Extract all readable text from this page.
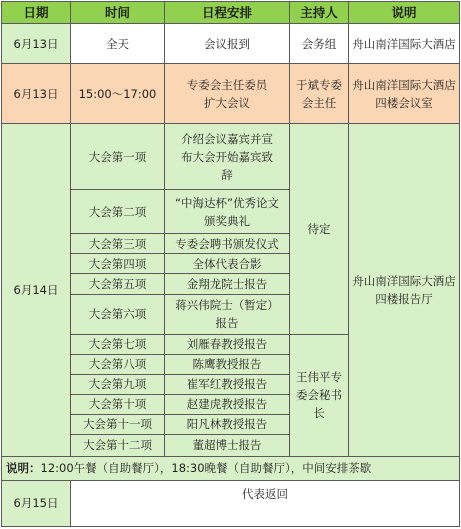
日期	时间	日程安排	主持人	说明
6月13日	全天	会议报到	会务组	舟山南洋国际大酒店
6月13日	15:00～17:00	专委会主任委员扩大会议	于斌专委会主任	舟山南洋国际大酒店四楼会议室
6月14日	大会第一项	介绍会议嘉宾并宣布大会开始嘉宾致辞	待定	舟山南洋国际大酒店四楼报告厅
	大会第二项	“中海达杯”优秀论文颁奖典礼		
	大会第三项	专委会聘书颁发仪式		
	大会第四项	全体代表合影		
	大会第五项	金翔龙院士报告		
	大会第六项	蒋兴伟院士（暂定）报告		
	大会第七项	刘雁春教授报告	王伟平专委会秘书长	
	大会第八项	陈鹰教授报告		
	大会第九项	崔军红教授报告		
	大会第十项	赵建虎教授报告		
	大会第十一项	阳凡林教授报告		
	大会第十二项	董超博士报告		
说明：12:00午餐（自助餐厅），18:30晚餐（自助餐厅），中间安排茶歇				
6月15日	代表返回			
